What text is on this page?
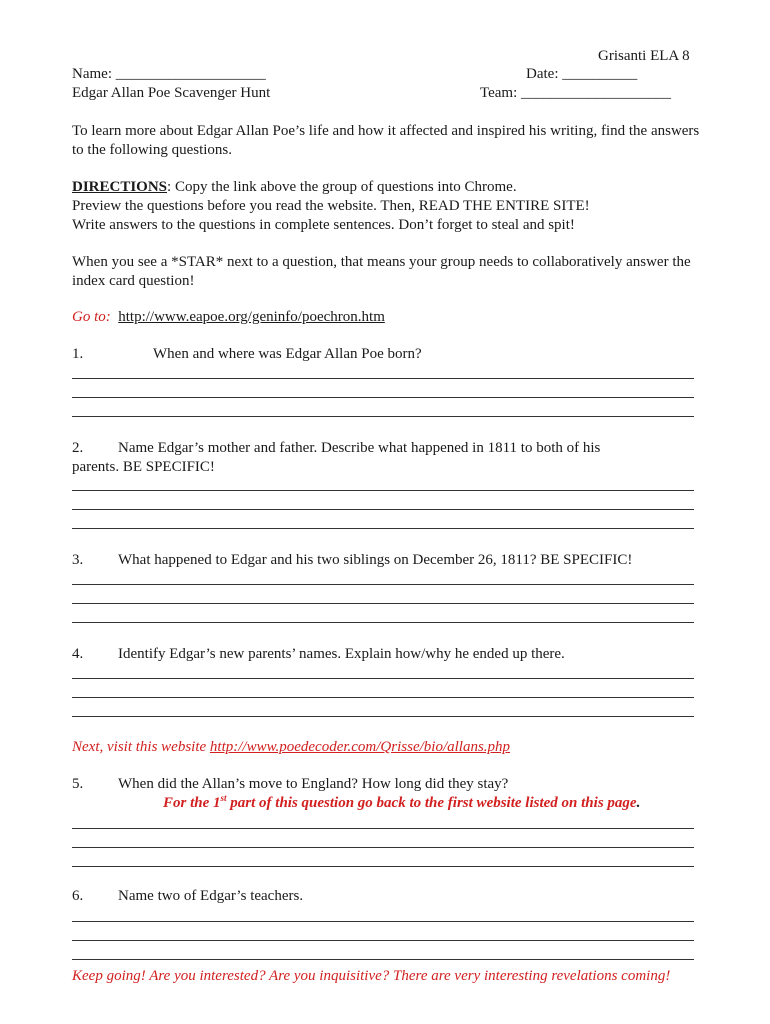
Grisanti ELA 8
Name: ____________________	Date: __________
Edgar Allan Poe Scavenger Hunt	Team: ____________________
To learn more about Edgar Allan Poe’s life and how it affected and inspired his writing, find the answers to the following questions.
DIRECTIONS: Copy the link above the group of questions into Chrome.
Preview the questions before you read the website. Then, READ THE ENTIRE SITE!
Write answers to the questions in complete sentences. Don’t forget to steal and spit!
When you see a *STAR* next to a question, that means your group needs to collaboratively answer the index card question!
Go to: http://www.eapoe.org/geninfo/poechron.htm
1.	When and where was Edgar Allan Poe born?
2. Name Edgar’s mother and father. Describe what happened in 1811 to both of his
parents. BE SPECIFIC!
3. What happened to Edgar and his two siblings on December 26, 1811? BE SPECIFIC!
4. Identify Edgar’s new parents’ names. Explain how/why he ended up there.
Next, visit this website http://www.poedecoder.com/Qrisse/bio/allans.php
5. When did the Allan’s move to England? How long did they stay?
For the 1st part of this question go back to the first website listed on this page.
6. Name two of Edgar’s teachers.
Keep going! Are you interested? Are you inquisitive? There are very interesting revelations coming!
